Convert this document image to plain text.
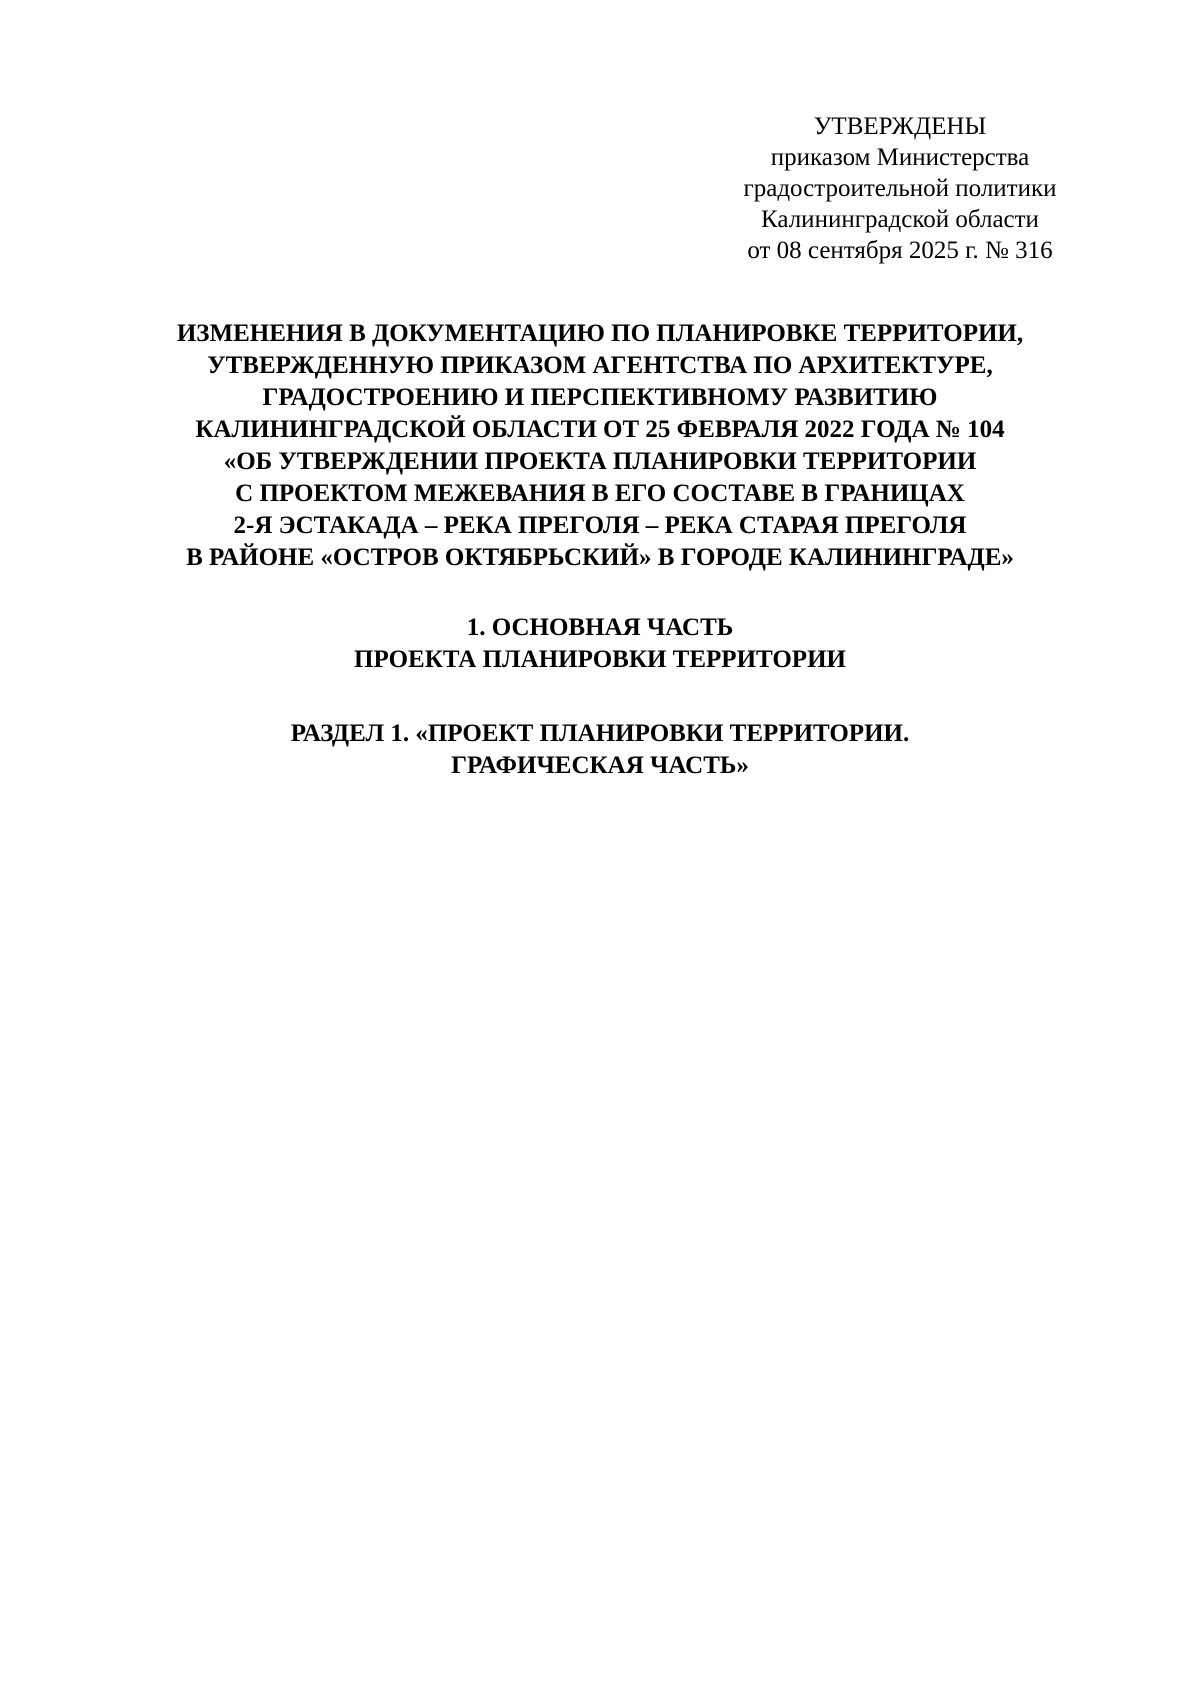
УТВЕРЖДЕНЫ
приказом Министерства
градостроительной политики
Калининградской области
от 08 сентября 2025 г. № 316
ИЗМЕНЕНИЯ В ДОКУМЕНТАЦИЮ ПО ПЛАНИРОВКЕ ТЕРРИТОРИИ,
УТВЕРЖДЕННУЮ ПРИКАЗОМ АГЕНТСТВА ПО АРХИТЕКТУРЕ,
ГРАДОСТРОЕНИЮ И ПЕРСПЕКТИВНОМУ РАЗВИТИЮ
КАЛИНИНГРАДСКОЙ ОБЛАСТИ ОТ 25 ФЕВРАЛЯ 2022 ГОДА № 104
«ОБ УТВЕРЖДЕНИИ ПРОЕКТА ПЛАНИРОВКИ ТЕРРИТОРИИ
С ПРОЕКТОМ МЕЖЕВАНИЯ В ЕГО СОСТАВЕ В ГРАНИЦАХ
2-Я ЭСТАКАДА – РЕКА ПРЕГОЛЯ – РЕКА СТАРАЯ ПРЕГОЛЯ
В РАЙОНЕ «ОСТРОВ ОКТЯБРЬСКИЙ» В ГОРОДЕ КАЛИНИНГРАДЕ»
1. ОСНОВНАЯ ЧАСТЬ
ПРОЕКТА ПЛАНИРОВКИ ТЕРРИТОРИИ
РАЗДЕЛ 1. «ПРОЕКТ ПЛАНИРОВКИ ТЕРРИТОРИИ.
ГРАФИЧЕСКАЯ ЧАСТЬ»
